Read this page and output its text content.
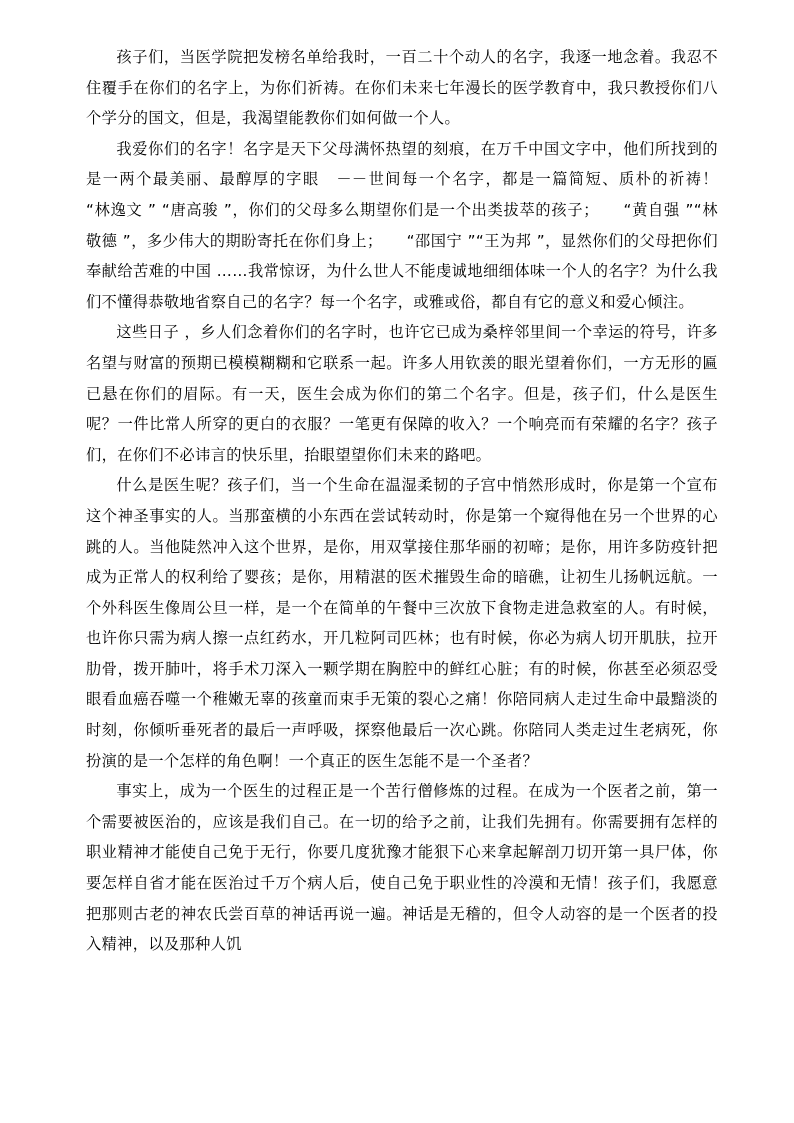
孩子们，当医学院把发榜名单给我时，一百二十个动人的名字，我逐一地念着。我忍不住覆手在你们的名字上，为你们祈祷。在你们未来七年漫长的医学教育中，我只教授你们八个学分的国文，但是，我渴望能教你们如何做一个人。

我爱你们的名字！名字是天下父母满怀热望的刻痕，在万千中国文字中，他们所找到的是一两个最美丽、最醇厚的字眼　－－世间每一个名字，都是一篇简短、质朴的祈祷！　　“林逸文 ” “唐高骏 ”，你们的父母多么期望你们是一个出类拔萃的孩子；　　“黄自强 ”“林敬德 ”，多少伟大的期盼寄托在你们身上；　　“邵国宁 ”“王为邦 ”，显然你们的父母把你们奉献给苦难的中国 ……我常惊讶，为什么世人不能虔诚地细细体味一个人的名字？为什么我们不懂得恭敬地省察自己的名字？每一个名字，或雅或俗，都自有它的意义和爱心倾注。

这些日子 ，乡人们念着你们的名字时，也许它已成为桑梓邻里间一个幸运的符号，许多名望与财富的预期已模模糊糊和它联系一起。许多人用钦羡的眼光望着你们，一方无形的匾已悬在你们的眉际。有一天，医生会成为你们的第二个名字。但是，孩子们，什么是医生呢？一件比常人所穿的更白的衣服？一笔更有保障的收入？一个响亮而有荣耀的名字？孩子们，在你们不必讳言的快乐里，抬眼望望你们未来的路吧。

什么是医生呢？孩子们，当一个生命在温湿柔韧的子宫中悄然形成时，你是第一个宣布这个神圣事实的人。当那蛮横的小东西在尝试转动时，你是第一个窥得他在另一个世界的心跳的人。当他陡然冲入这个世界，是你，用双掌接住那华丽的初啼；是你，用许多防疫针把成为正常人的权利给了婴孩；是你，用精湛的医术摧毁生命的暗礁，让初生儿扬帆远航。一个外科医生像周公旦一样，是一个在简单的午餐中三次放下食物走进急救室的人。有时候，也许你只需为病人擦一点红药水，开几粒阿司匹林；也有时候，你必为病人切开肌肤，拉开肋骨，拨开肺叶，将手术刀深入一颗学期在胸腔中的鲜红心脏；有的时候，你甚至必须忍受眼看血癌吞噬一个稚嫩无辜的孩童而束手无策的裂心之痛！你陪同病人走过生命中最黯淡的时刻，你倾听垂死者的最后一声呼吸，探察他最后一次心跳。你陪同人类走过生老病死，你扮演的是一个怎样的角色啊！一个真正的医生怎能不是一个圣者？

事实上，成为一个医生的过程正是一个苦行僧修炼的过程。在成为一个医者之前，第一个需要被医治的，应该是我们自己。在一切的给予之前，让我们先拥有。你需要拥有怎样的职业精神才能使自己免于无行，你要几度犹豫才能狠下心来拿起解剖刀切开第一具尸体，你要怎样自省才能在医治过千万个病人后，使自己免于职业性的冷漠和无情！孩子们，我愿意把那则古老的神农氏尝百草的神话再说一遍。神话是无稽的，但令人动容的是一个医者的投入精神，以及那种人饥
